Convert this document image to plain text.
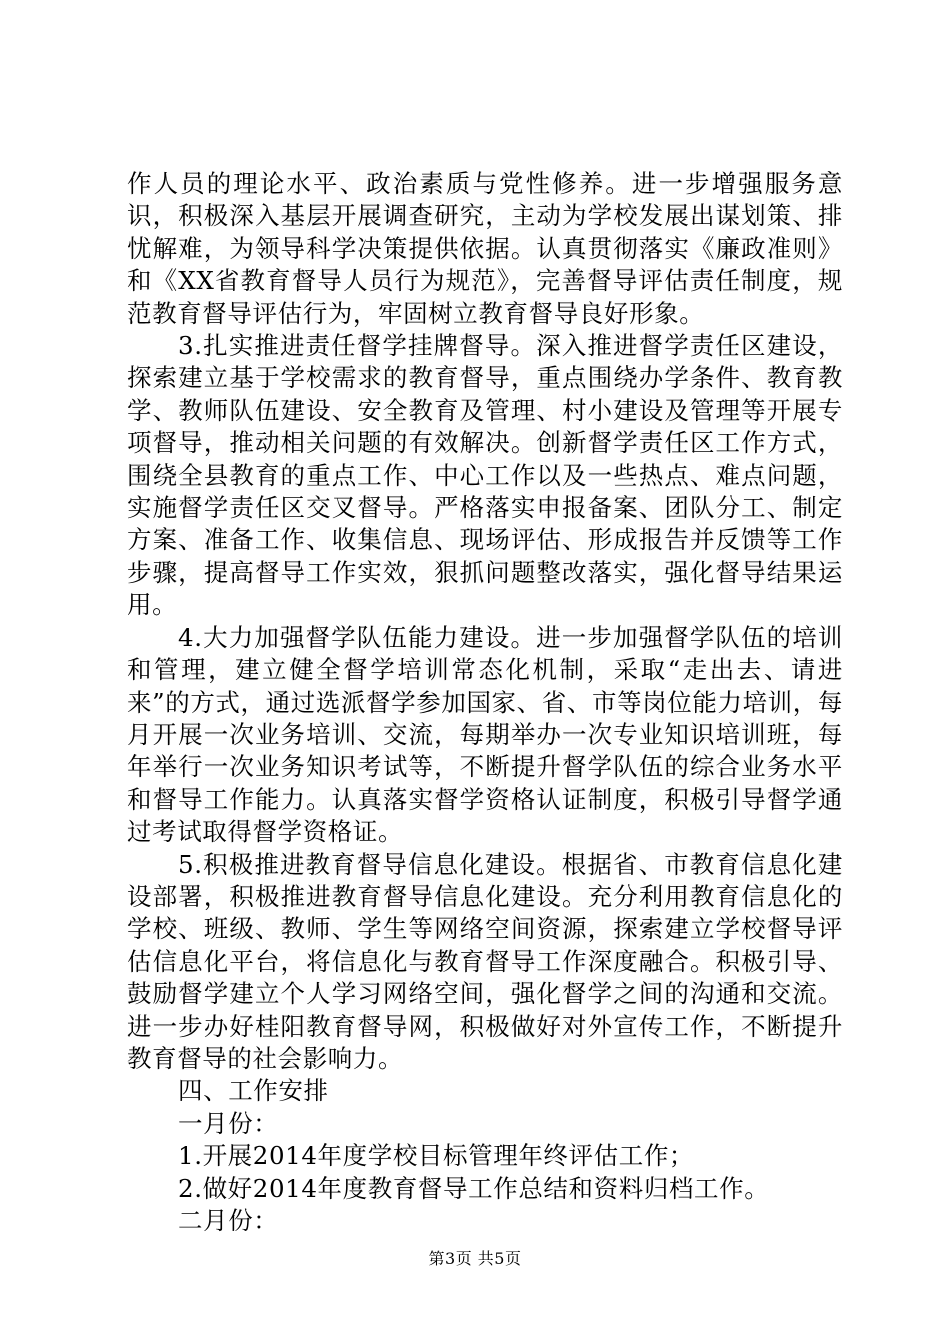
作人员的理论水平、政治素质与党性修养。进一步增强服务意识，积极深入基层开展调查研究，主动为学校发展出谋划策、排忧解难，为领导科学决策提供依据。认真贯彻落实《廉政准则》和《XX省教育督导人员行为规范》，完善督导评估责任制度，规范教育督导评估行为，牢固树立教育督导良好形象。

3.扎实推进责任督学挂牌督导。深入推进督学责任区建设，探索建立基于学校需求的教育督导，重点围绕办学条件、教育教学、教师队伍建设、安全教育及管理、村小建设及管理等开展专项督导，推动相关问题的有效解决。创新督学责任区工作方式，围绕全县教育的重点工作、中心工作以及一些热点、难点问题，实施督学责任区交叉督导。严格落实申报备案、团队分工、制定方案、准备工作、收集信息、现场评估、形成报告并反馈等工作步骤，提高督导工作实效，狠抓问题整改落实，强化督导结果运用。

4.大力加强督学队伍能力建设。进一步加强督学队伍的培训和管理，建立健全督学培训常态化机制，采取“走出去、请进来”的方式，通过选派督学参加国家、省、市等岗位能力培训，每月开展一次业务培训、交流，每期举办一次专业知识培训班，每年举行一次业务知识考试等，不断提升督学队伍的综合业务水平和督导工作能力。认真落实督学资格认证制度，积极引导督学通过考试取得督学资格证。

5.积极推进教育督导信息化建设。根据省、市教育信息化建设部署，积极推进教育督导信息化建设。充分利用教育信息化的学校、班级、教师、学生等网络空间资源，探索建立学校督导评估信息化平台，将信息化与教育督导工作深度融合。积极引导、鼓励督学建立个人学习网络空间，强化督学之间的沟通和交流。进一步办好桂阳教育督导网，积极做好对外宣传工作，不断提升教育督导的社会影响力。

四、工作安排

一月份：

1.开展2014年度学校目标管理年终评估工作；

2.做好2014年度教育督导工作总结和资料归档工作。

二月份：

第3页 共5页
